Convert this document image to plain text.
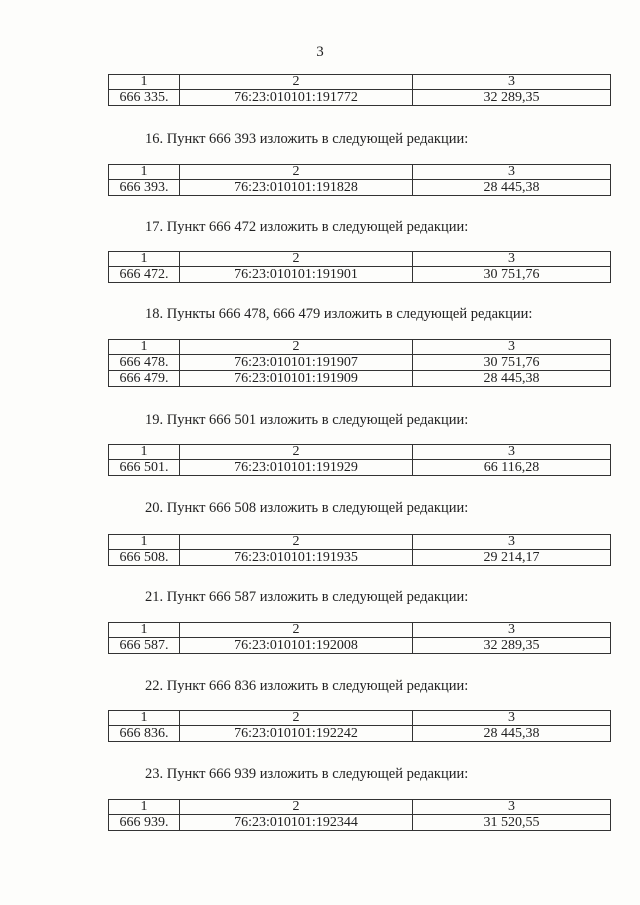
3
1	2	3
666 335.	76:23:010101:191772	32 289,35
16. Пункт 666 393 изложить в следующей редакции:
1	2	3
666 393.	76:23:010101:191828	28 445,38
17. Пункт 666 472 изложить в следующей редакции:
1	2	3
666 472.	76:23:010101:191901	30 751,76
18. Пункты 666 478, 666 479 изложить в следующей редакции:
1	2	3
666 478.	76:23:010101:191907	30 751,76
666 479.	76:23:010101:191909	28 445,38
19. Пункт 666 501 изложить в следующей редакции:
1	2	3
666 501.	76:23:010101:191929	66 116,28
20. Пункт 666 508 изложить в следующей редакции:
1	2	3
666 508.	76:23:010101:191935	29 214,17
21. Пункт 666 587 изложить в следующей редакции:
1	2	3
666 587.	76:23:010101:192008	32 289,35
22. Пункт 666 836 изложить в следующей редакции:
1	2	3
666 836.	76:23:010101:192242	28 445,38
23. Пункт 666 939 изложить в следующей редакции:
1	2	3
666 939.	76:23:010101:192344	31 520,55
